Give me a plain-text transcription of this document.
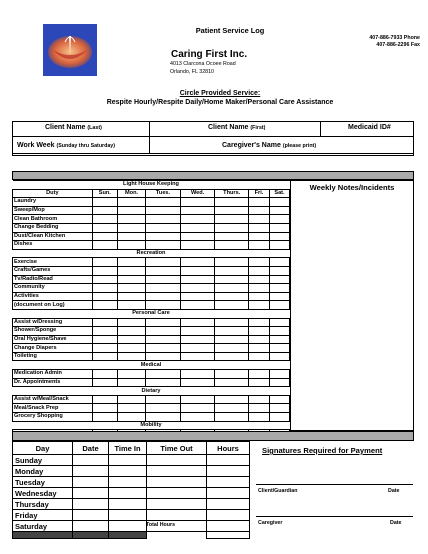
Patient Service Log
407-886-7933 Phone
407-886-2296 Fax
Caring First Inc.
4013 Clarcona Ocoee Road
Orlando, FL 32810
Circle Provided Service:
Respite Hourly/Respite Daily/Home Maker/Personal Care Assistance
Client Name (Last)	Client Name (First)	Medicaid ID#
Work Week (Sunday thru Saturday)	Caregiver's Name (please print)
Light House Keeping							
Duty	Sun.	Mon.	Tues.	Wed.	Thurs.	Fri.	Sat.
Laundry							
Sweep/Mop							
Clean Bathroom							
Change Bedding							
Dust/Clean Kitchen							
Dishes							
Recreation							
Exercise							
Crafts/Games							
Tv/Radio/Read							
Community							
Activities							
(document on Log)							
Personal Care							
Assist w/Dressing							
Shower/Sponge							
Oral Hygiene/Shave							
Change Diapers							
Toileting							
Medical							
Medication Admin							
Dr. Appointments							
Dietary							
Assist w/Meal/Snack							
Meal/Snack Prep							
Grocery Shopping							
Mobility							

Weekly Notes/Incidents
Day	Date	Time In	Time Out	Hours
Sunday				
Monday				
Tuesday				
Wednesday				
Thursday				
Friday				
Saturday				
					Total Hours
Signatures Required for Payment
Client/Guardian	Date
Caregiver	Date
